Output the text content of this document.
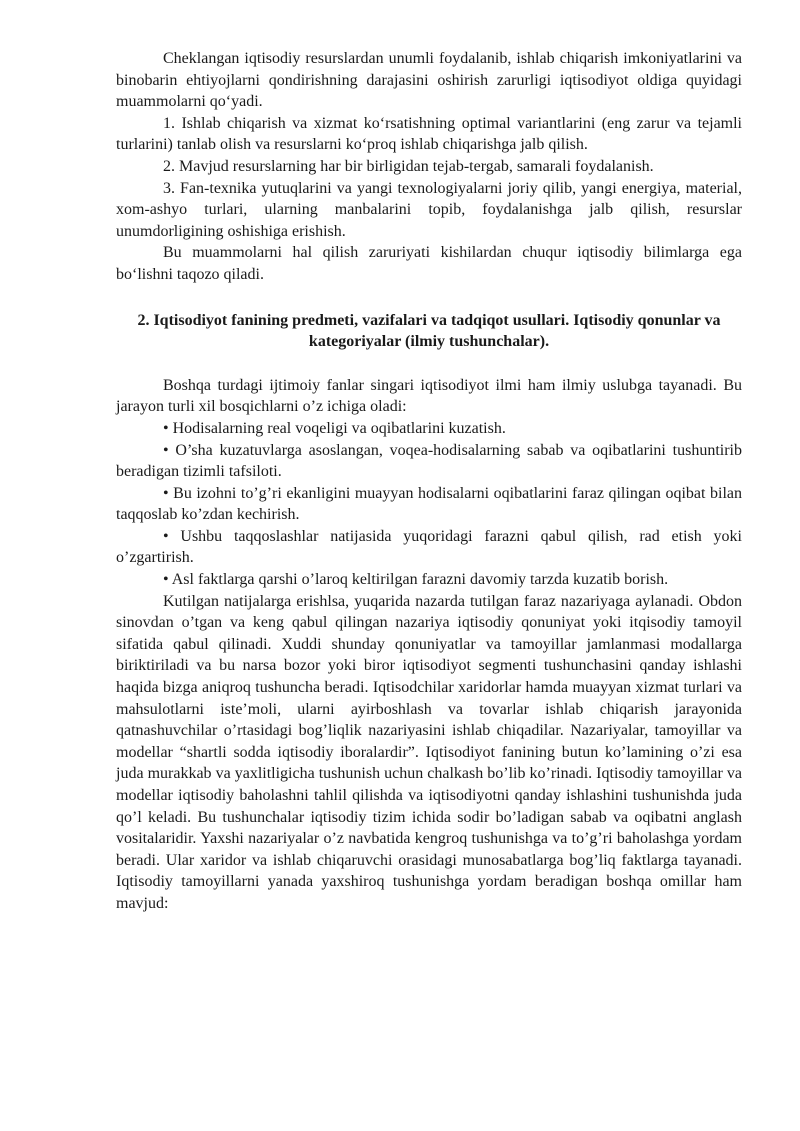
Cheklangan iqtisodiy resurslardan unumli foydalanib, ishlab chiqarish imkoniyatlarini va binobarin ehtiyojlarni qondirishning darajasini oshirish zarurligi iqtisodiyot oldiga quyidagi muammolarni qo‘yadi.

1. Ishlab chiqarish va xizmat ko‘rsatishning optimal variantlarini (eng zarur va tejamli turlarini) tanlab olish va resurslarni ko‘proq ishlab chiqarishga jalb qilish.

2. Mavjud resurslarning har bir birligidan tejab-tergab, samarali foydalanish.

3. Fan-texnika yutuqlarini va yangi texnologiyalarni joriy qilib, yangi energiya, material, xom-ashyo turlari, ularning manbalarini topib, foydalanishga jalb qilish, resurslar unumdorligining oshishiga erishish.

Bu muammolarni hal qilish zaruriyati kishilardan chuqur iqtisodiy bilimlarga ega bo‘lishni taqozo qiladi.

2. Iqtisodiyot fanining predmeti, vazifalari va tadqiqot usullari. Iqtisodiy qonunlar va kategoriyalar (ilmiy tushunchalar).

Boshqa turdagi ijtimoiy fanlar singari iqtisodiyot ilmi ham ilmiy uslubga tayanadi. Bu jarayon turli xil bosqichlarni o’z ichiga oladi:

• Hodisalarning real voqeligi va oqibatlarini kuzatish.

• O’sha kuzatuvlarga asoslangan, voqea-hodisalarning sabab va oqibatlarini tushuntirib beradigan tizimli tafsiloti.

• Bu izohni to’g’ri ekanligini muayyan hodisalarni oqibatlarini faraz qilingan oqibat bilan taqqoslab ko’zdan kechirish.

• Ushbu taqqoslashlar natijasida yuqoridagi farazni qabul qilish, rad etish yoki o’zgartirish.

• Asl faktlarga qarshi o’laroq keltirilgan farazni davomiy tarzda kuzatib borish.

Kutilgan natijalarga erishlsa, yuqarida nazarda tutilgan faraz nazariyaga aylanadi. Obdon sinovdan o’tgan va keng qabul qilingan nazariya iqtisodiy qonuniyat yoki itqisodiy tamoyil sifatida qabul qilinadi. Xuddi shunday qonuniyatlar va tamoyillar jamlanmasi modallarga biriktiriladi va bu narsa bozor yoki biror iqtisodiyot segmenti tushunchasini qanday ishlashi haqida bizga aniqroq tushuncha beradi. Iqtisodchilar xaridorlar hamda muayyan xizmat turlari va mahsulotlarni iste’moli, ularni ayirboshlash va tovarlar ishlab chiqarish jarayonida qatnashuvchilar o’rtasidagi bog’liqlik nazariyasini ishlab chiqadilar. Nazariyalar, tamoyillar va modellar “shartli sodda iqtisodiy iboralardir”. Iqtisodiyot fanining butun ko’lamining o’zi esa juda murakkab va yaxlitligicha tushunish uchun chalkash bo’lib ko’rinadi. Iqtisodiy tamoyillar va modellar iqtisodiy baholashni tahlil qilishda va iqtisodiyotni qanday ishlashini tushunishda juda qo’l keladi. Bu tushunchalar iqtisodiy tizim ichida sodir bo’ladigan sabab va oqibatni anglash vositalaridir. Yaxshi nazariyalar o’z navbatida kengroq tushunishga va to’g’ri baholashga yordam beradi. Ular xaridor va ishlab chiqaruvchi orasidagi munosabatlarga bog’liq faktlarga tayanadi. Iqtisodiy tamoyillarni yanada yaxshiroq tushunishga yordam beradigan boshqa omillar ham mavjud:
